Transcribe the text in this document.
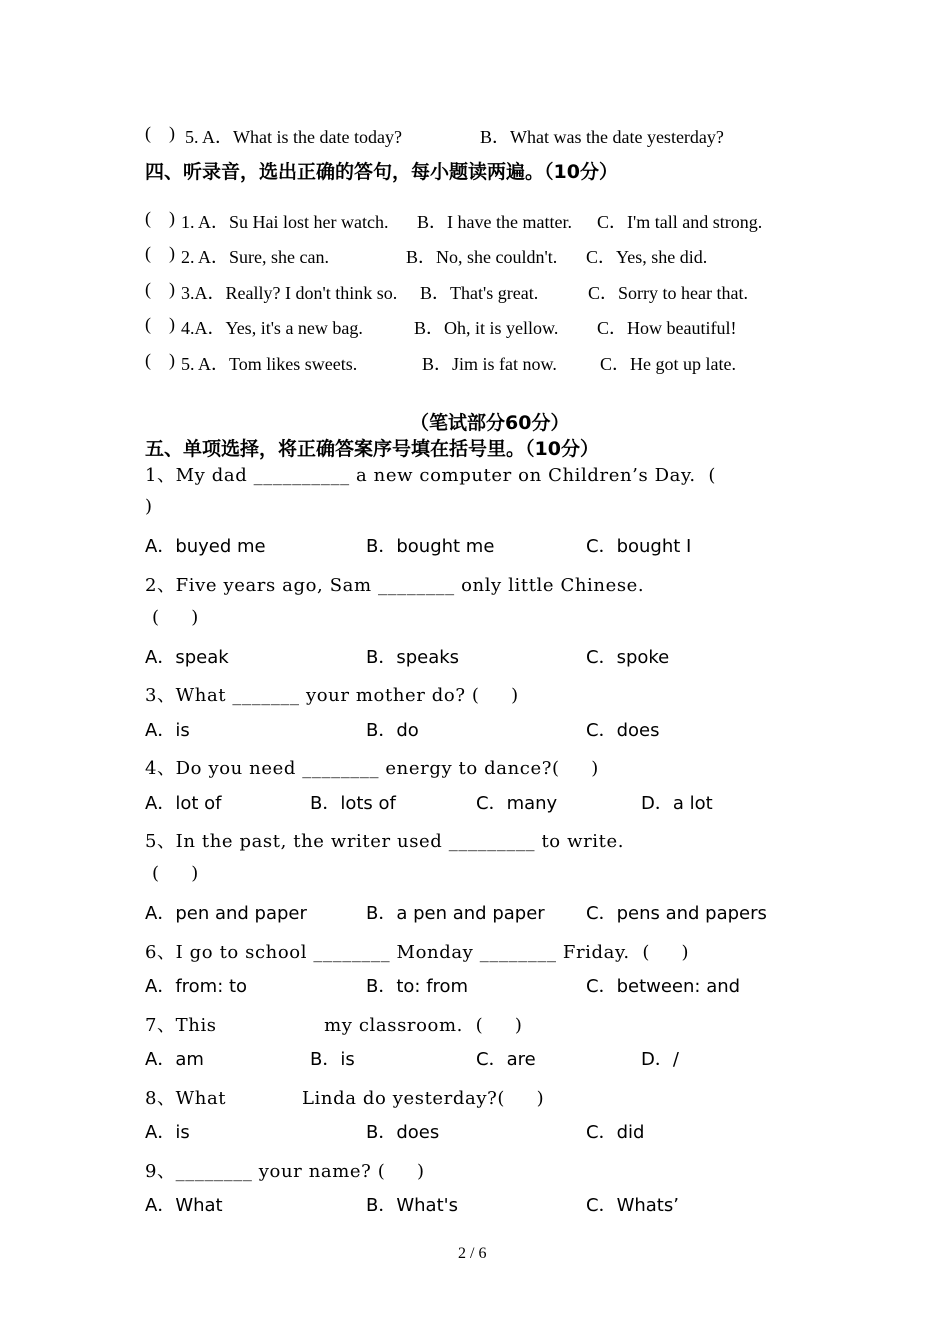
(    ) 5. A．What is the date today?	B．What was the date yesterday?
四、听录音，选出正确的答句，每小题读两遍。（10分）
(    ) 1. A．Su Hai lost her watch. B．I have the matter. C．I'm tall and strong.
(    ) 2. A．Sure, she can.	B．No, she couldn't. C．Yes, she did.
(    ) 3.A．Really? I don't think so. B．That's great.	C．Sorry to hear that.
(    ) 4.A．Yes, it's a new bag.	B．Oh, it is yellow. C．How beautiful!
(    ) 5. A．Tom likes sweets.	B．Jim is fat now. C．He got up late.
（笔试部分60分）
五、单项选择，将正确答案序号填在括号里。（10分）
1、My dad __________ a new computer on Children’s Day.  (
)
A．buyed me	B．bought me	C．bought I
2、Five years ago, Sam ________ only little Chinese.
(     )
A．speak	B．speaks	C．spoke
3、What _______ your mother do? (     )
A．is	B．do	C．does
4、Do you need ________ energy to dance?(     )
A．lot of	B．lots of	C．many	D．a lot
5、In the past, the writer used _________ to write.
(     )
A．pen and paper	B．a pen and paper C．pens and papers
6、I go to school ________ Monday ________ Friday.  (     )
A．from: to	B．to: from	C．between: and
7、This                 my classroom.  (     )
A．am	B．is	C．are	D．/
8、What            Linda do yesterday?(     )
A．is	B．does	C．did
9、________ your name? (     )
A．What	B．What's	C．Whats’
2 / 6
